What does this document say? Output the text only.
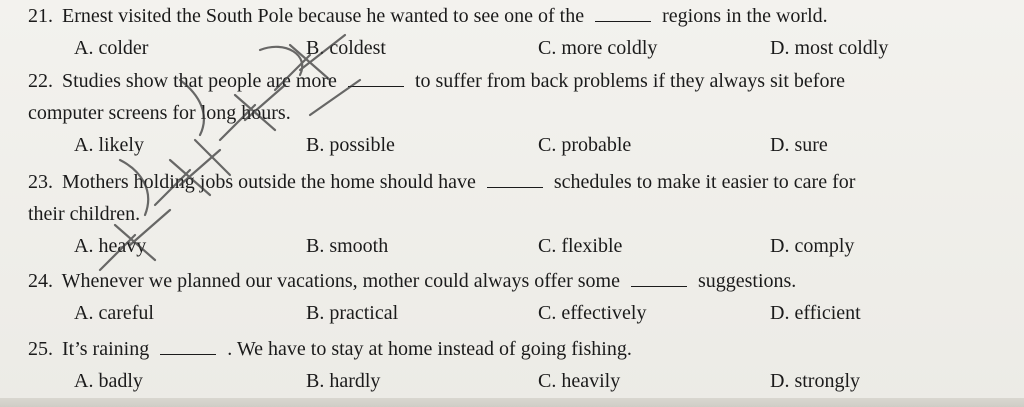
21. Ernest visited the South Pole because he wanted to see one of the	regions in the world.
A. colder	B. coldest	C. more coldly	D. most coldly
22. Studies show that people are more	to suffer from back problems if they always sit before
computer screens for long hours.
A. likely	B. possible	C. probable	D. sure
23. Mothers holding jobs outside the home should have	schedules to make it easier to care for
their children.
A. heavy	B. smooth	C. flexible	D. comply
24. Whenever we planned our vacations, mother could always offer some	suggestions.
A. careful	B. practical	C. effectively	D. efficient
25. It’s raining	. We have to stay at home instead of going fishing.
A. badly	B. hardly	C. heavily	D. strongly
